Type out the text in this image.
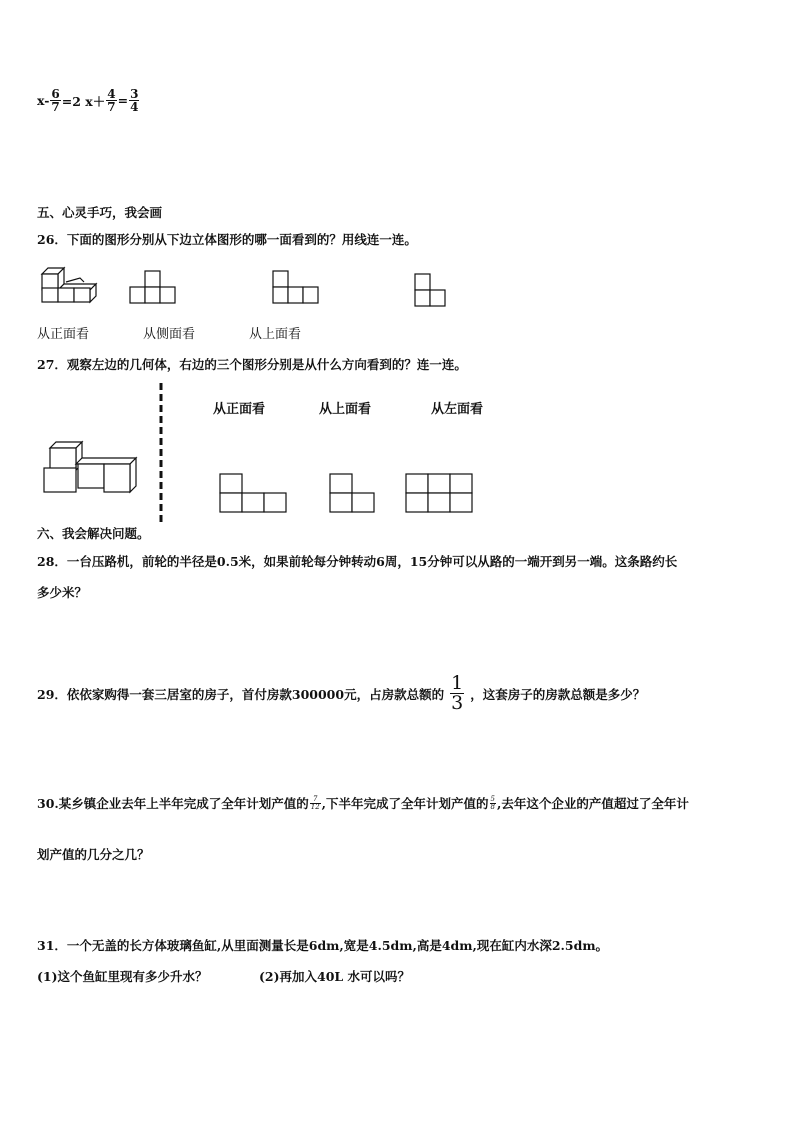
$x- \frac{6}{7} =2$ $x+ \frac{4}{7} = \frac{3}{4}$
五、心灵手巧，我会画
26．下面的图形分别从下边立体图形的哪一面看到的？用线连一连。
从正面看	从侧面看	从上面看
27．观察左边的几何体，右边的三个图形分别是从什么方向看到的？连一连。
从正面看	从上面看	从左面看
六、我会解决问题。
28．一台压路机，前轮的半径是0.5米，如果前轮每分钟转动6周，15分钟可以从路的一端开到另一端。这条路约长
多少米？
29．依依家购得一套三居室的房子，首付房款300000元，占房款总额的 $\frac{1}{3}$ ，这套房子的房款总额是多少？
30.某乡镇企业去年上半年完成了全年计划产值的 $\frac{7}{12}$ ,下半年完成了全年计划产值的 $\frac{5}{8}$ ,去年这个企业的产值超过了全年计
划产值的几分之几？
31．一个无盖的长方体玻璃鱼缸,从里面测量长是6dm,宽是4.5dm,高是4dm,现在缸内水深2.5dm。
(1)这个鱼缸里现有多少升水？	(2)再加入40L 水可以吗？
